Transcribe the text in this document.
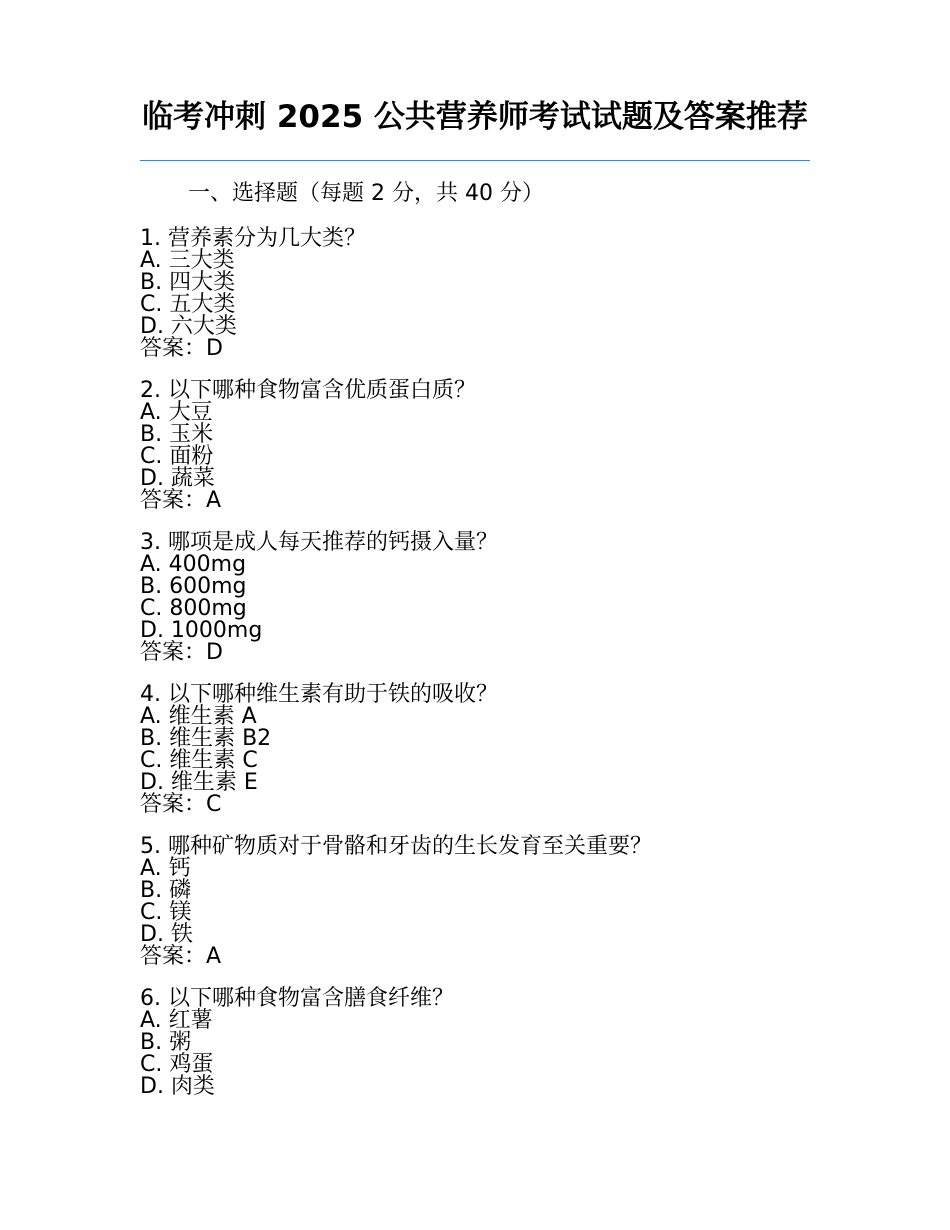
临考冲刺 2025 公共营养师考试试题及答案推荐
一、选择题（每题 2 分，共 40 分）
1. 营养素分为几大类？
A. 三大类
B. 四大类
C. 五大类
D. 六大类
答案：D
2. 以下哪种食物富含优质蛋白质？
A. 大豆
B. 玉米
C. 面粉
D. 蔬菜
答案：A
3. 哪项是成人每天推荐的钙摄入量？
A. 400mg
B. 600mg
C. 800mg
D. 1000mg
答案：D
4. 以下哪种维生素有助于铁的吸收？
A. 维生素 A
B. 维生素 B2
C. 维生素 C
D. 维生素 E
答案：C
5. 哪种矿物质对于骨骼和牙齿的生长发育至关重要？
A. 钙
B. 磷
C. 镁
D. 铁
答案：A
6. 以下哪种食物富含膳食纤维？
A. 红薯
B. 粥
C. 鸡蛋
D. 肉类
